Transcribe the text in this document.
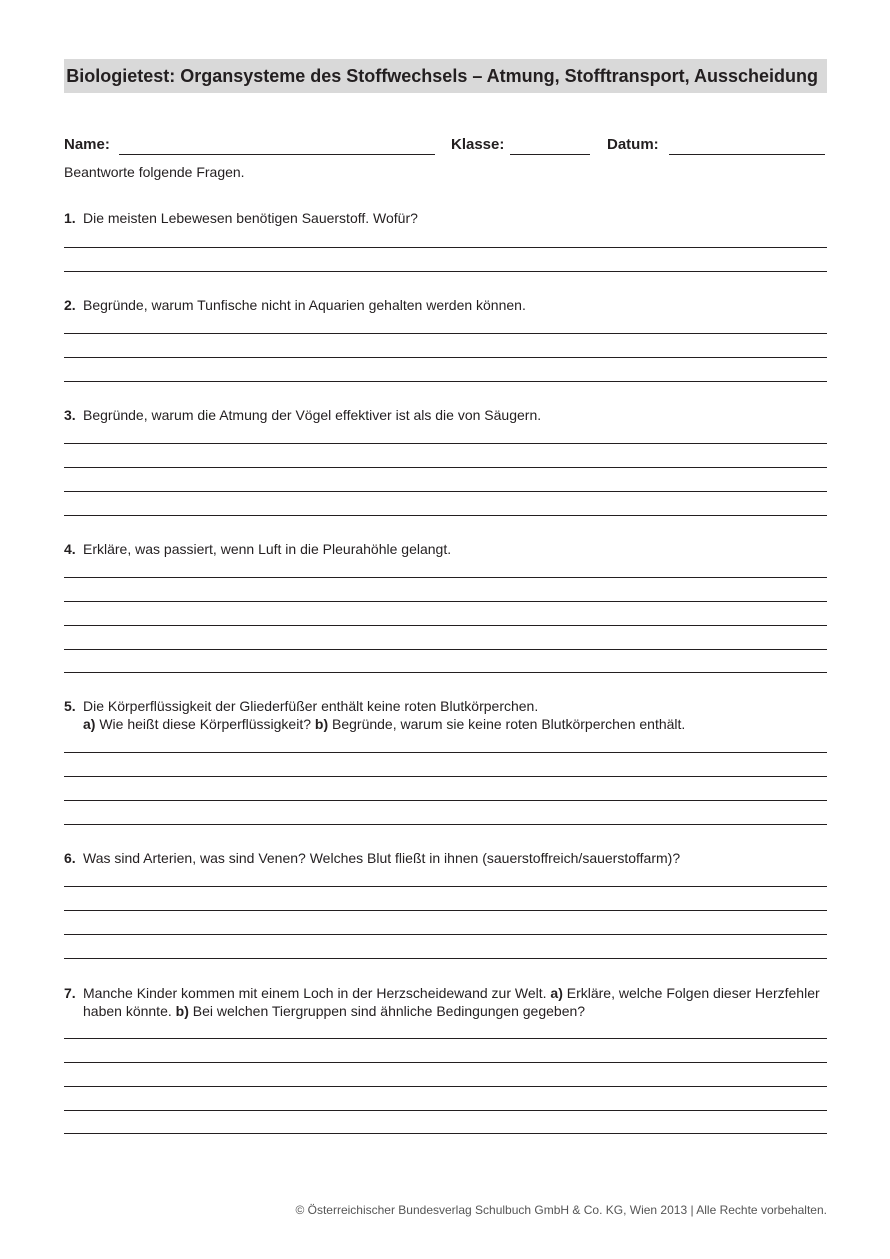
Biologietest: Organsysteme des Stoffwechsels – Atmung, Stofftransport, Ausscheidung
Name:	Klasse:	Datum:
Beantworte folgende Fragen.
1. Die meisten Lebewesen benötigen Sauerstoff. Wofür?
2. Begründe, warum Tunfische nicht in Aquarien gehalten werden können.
3. Begründe, warum die Atmung der Vögel effektiver ist als die von Säugern.
4. Erkläre, was passiert, wenn Luft in die Pleurahöhle gelangt.
5. Die Körperflüssigkeit der Gliederfüßer enthält keine roten Blutkörperchen.
a) Wie heißt diese Körperflüssigkeit? b) Begründe, warum sie keine roten Blutkörperchen enthält.
6. Was sind Arterien, was sind Venen? Welches Blut fließt in ihnen (sauerstoffreich/sauerstoffarm)?
7. Manche Kinder kommen mit einem Loch in der Herzscheidewand zur Welt. a) Erkläre, welche Folgen dieser Herzfehler haben könnte. b) Bei welchen Tiergruppen sind ähnliche Bedingungen gegeben?
© Österreichischer Bundesverlag Schulbuch GmbH & Co. KG, Wien 2013 | Alle Rechte vorbehalten.
